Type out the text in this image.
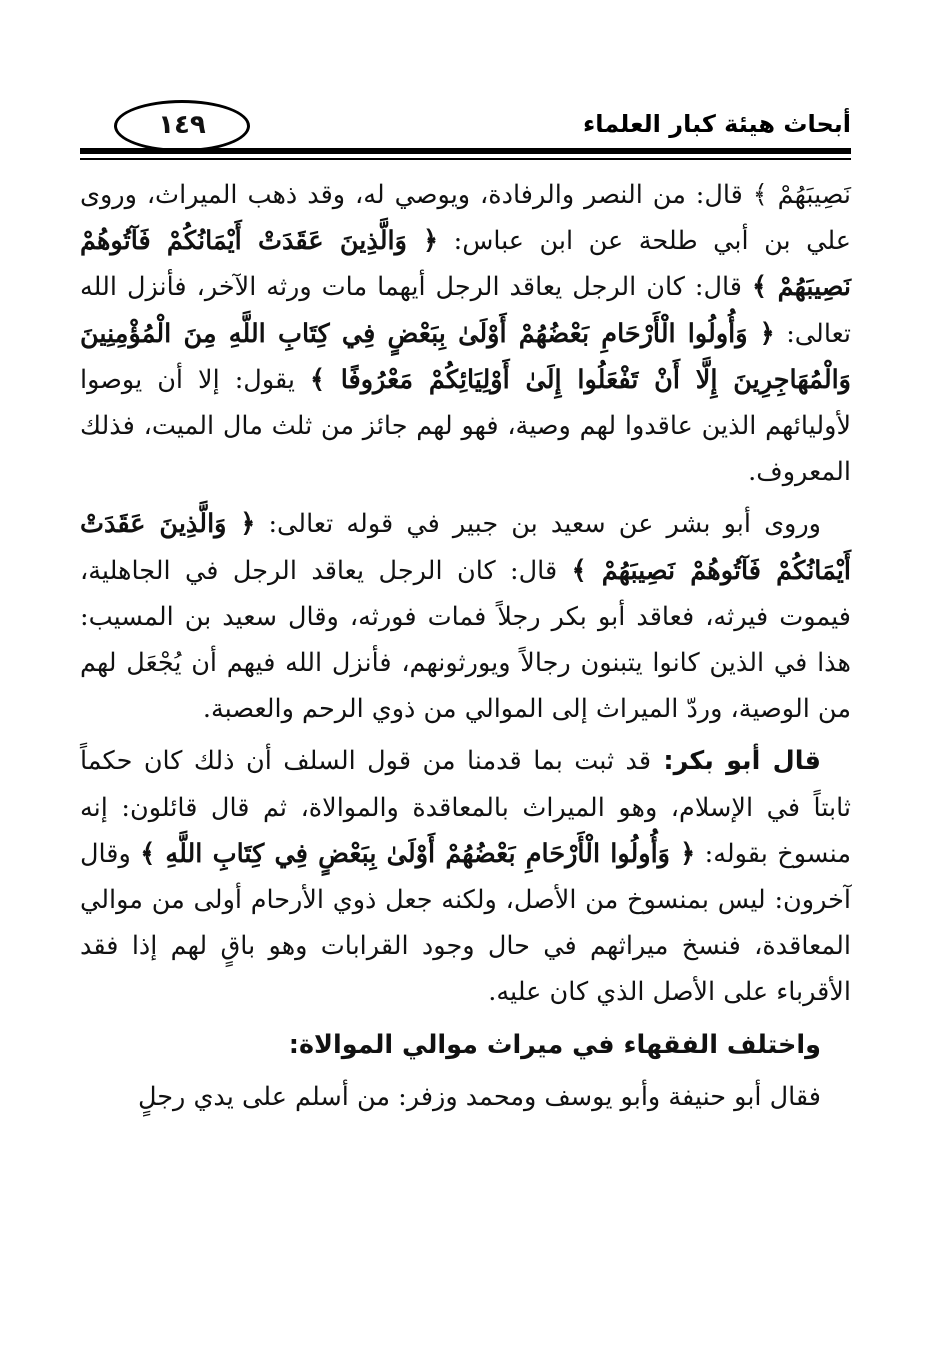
أبحاث هيئة كبار العلماء
١٤٩

نَصِيبَهُمْ ﴾ قال: من النصر والرفادة، ويوصي له، وقد ذهب الميراث، وروى علي بن أبي طلحة عن ابن عباس: ﴿ وَالَّذِينَ عَقَدَتْ أَيْمَانُكُمْ فَآتُوهُمْ نَصِيبَهُمْ ﴾ قال: كان الرجل يعاقد الرجل أيهما مات ورثه الآخر، فأنزل الله تعالى: ﴿ وَأُولُوا الْأَرْحَامِ بَعْضُهُمْ أَوْلَىٰ بِبَعْضٍ فِي كِتَابِ اللَّهِ مِنَ الْمُؤْمِنِينَ وَالْمُهَاجِرِينَ إِلَّا أَنْ تَفْعَلُوا إِلَىٰ أَوْلِيَائِكُمْ مَعْرُوفًا ﴾ يقول: إلا أن يوصوا لأوليائهم الذين عاقدوا لهم وصية، فهو لهم جائز من ثلث مال الميت، فذلك المعروف.

وروى أبو بشر عن سعيد بن جبير في قوله تعالى: ﴿ وَالَّذِينَ عَقَدَتْ أَيْمَانُكُمْ فَآتُوهُمْ نَصِيبَهُمْ ﴾ قال: كان الرجل يعاقد الرجل في الجاهلية، فيموت فيرثه، فعاقد أبو بكر رجلاً فمات فورثه، وقال سعيد بن المسيب: هذا في الذين كانوا يتبنون رجالاً ويورثونهم، فأنزل الله فيهم أن يُجْعَل لهم من الوصية، وردّ الميراث إلى الموالي من ذوي الرحم والعصبة.

قال أبو بكر: قد ثبت بما قدمنا من قول السلف أن ذلك كان حكماً ثابتاً في الإسلام، وهو الميراث بالمعاقدة والموالاة، ثم قال قائلون: إنه منسوخ بقوله: ﴿ وَأُولُوا الْأَرْحَامِ بَعْضُهُمْ أَوْلَىٰ بِبَعْضٍ فِي كِتَابِ اللَّهِ ﴾ وقال آخرون: ليس بمنسوخ من الأصل، ولكنه جعل ذوي الأرحام أولى من موالي المعاقدة، فنسخ ميراثهم في حال وجود القرابات وهو باقٍ لهم إذا فقد الأقرباء على الأصل الذي كان عليه.

واختلف الفقهاء في ميراث موالي الموالاة:

فقال أبو حنيفة وأبو يوسف ومحمد وزفر: من أسلم على يدي رجلٍ
